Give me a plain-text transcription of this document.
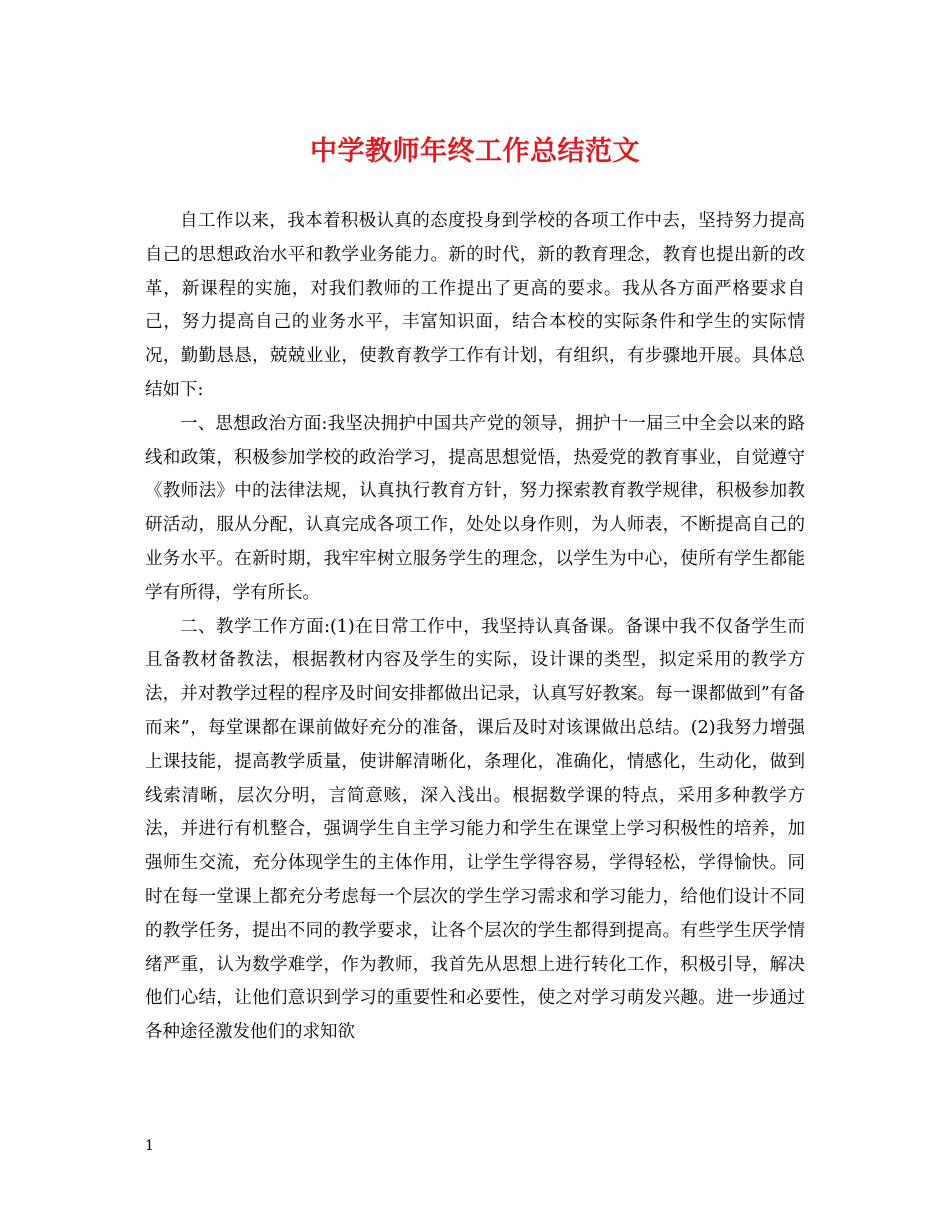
中学教师年终工作总结范文

自工作以来，我本着积极认真的态度投身到学校的各项工作中去，坚持努力提高自己的思想政治水平和教学业务能力。新的时代，新的教育理念，教育也提出新的改革，新课程的实施，对我们教师的工作提出了更高的要求。我从各方面严格要求自己，努力提高自己的业务水平，丰富知识面，结合本校的实际条件和学生的实际情况，勤勤恳恳，兢兢业业，使教育教学工作有计划，有组织，有步骤地开展。具体总结如下:

一、思想政治方面:我坚决拥护中国共产党的领导，拥护十一届三中全会以来的路线和政策，积极参加学校的政治学习，提高思想觉悟，热爱党的教育事业，自觉遵守《教师法》中的法律法规，认真执行教育方针，努力探索教育教学规律，积极参加教研活动，服从分配，认真完成各项工作，处处以身作则，为人师表，不断提高自己的业务水平。在新时期，我牢牢树立服务学生的理念，以学生为中心，使所有学生都能学有所得，学有所长。

二、教学工作方面:(1)在日常工作中，我坚持认真备课。备课中我不仅备学生而且备教材备教法，根据教材内容及学生的实际，设计课的类型，拟定采用的教学方法，并对教学过程的程序及时间安排都做出记录，认真写好教案。每一课都做到”有备而来”，每堂课都在课前做好充分的准备，课后及时对该课做出总结。(2)我努力增强上课技能，提高教学质量，使讲解清晰化，条理化，准确化，情感化，生动化，做到线索清晰，层次分明，言简意赅，深入浅出。根据数学课的特点，采用多种教学方法，并进行有机整合，强调学生自主学习能力和学生在课堂上学习积极性的培养，加强师生交流，充分体现学生的主体作用，让学生学得容易，学得轻松，学得愉快。同时在每一堂课上都充分考虑每一个层次的学生学习需求和学习能力，给他们设计不同的教学任务，提出不同的教学要求，让各个层次的学生都得到提高。有些学生厌学情绪严重，认为数学难学，作为教师，我首先从思想上进行转化工作，积极引导，解决他们心结，让他们意识到学习的重要性和必要性，使之对学习萌发兴趣。进一步通过各种途径激发他们的求知欲

1
